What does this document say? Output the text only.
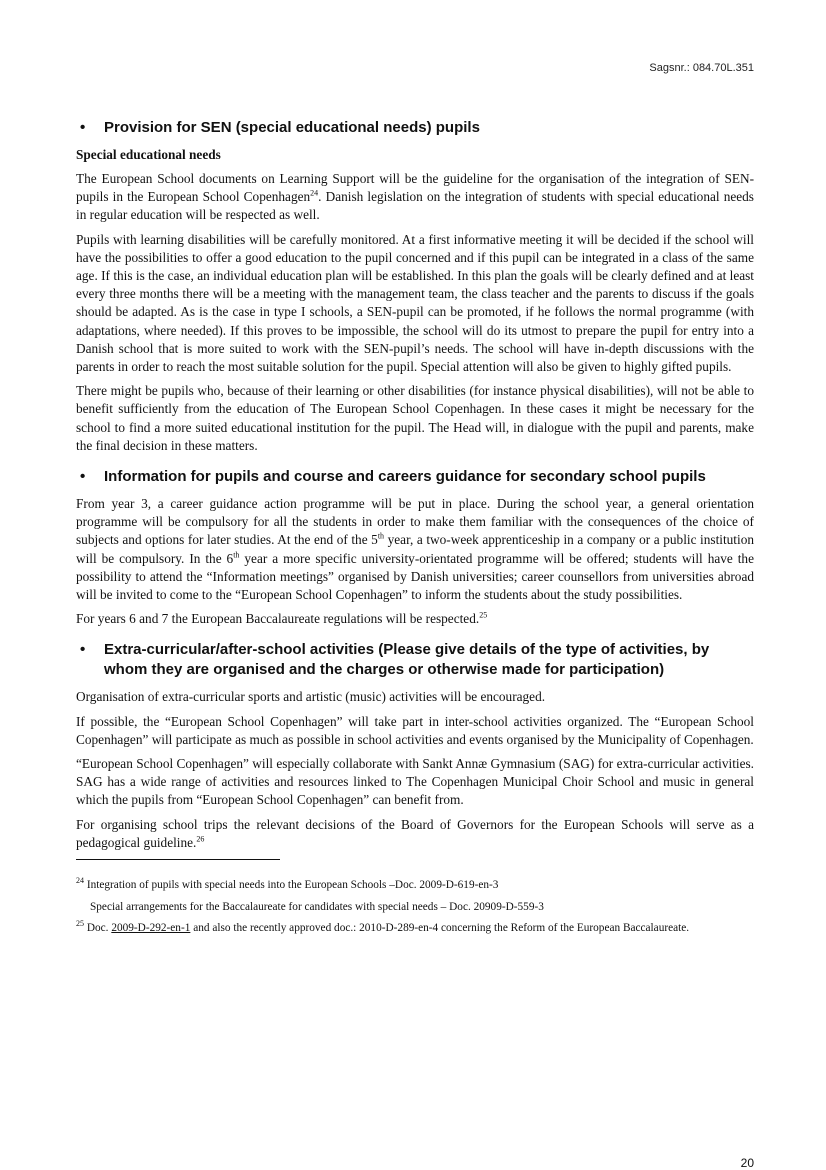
Sagsnr.: 084.70L.351
• Provision for SEN (special educational needs) pupils
Special educational needs

The European School documents on Learning Support will be the guideline for the organisation of the integration of SEN-pupils in the European School Copenhagen$^{24}$. Danish legislation on the integration of students with special educational needs in regular education will be respected as well.

Pupils with learning disabilities will be carefully monitored. At a first informative meeting it will be decided if the school will have the possibilities to offer a good education to the pupil concerned and if this pupil can be integrated in a class of the same age. If this is the case, an individual education plan will be established. In this plan the goals will be clearly defined and at least every three months there will be a meeting with the management team, the class teacher and the parents to discuss if the goals should be adapted. As is the case in type I schools, a SEN-pupil can be promoted, if he follows the normal programme (with adaptations, where needed). If this proves to be impossible, the school will do its utmost to prepare the pupil for entry into a Danish school that is more suited to work with the SEN-pupil’s needs. The school will have in-depth discussions with the parents in order to reach the most suitable solution for the pupil. Special attention will also be given to highly gifted pupils.

There might be pupils who, because of their learning or other disabilities (for instance physical disabilities), will not be able to benefit sufficiently from the education of The European School Copenhagen. In these cases it might be necessary for the school to find a more suited educational institution for the pupil. The Head will, in dialogue with the pupil and parents, make the final decision in these matters.

• Information for pupils and course and careers guidance for secondary school pupils

From year 3, a career guidance action programme will be put in place. During the school year, a general orientation programme will be compulsory for all the students in order to make them familiar with the consequences of the choice of subjects and options for later studies. At the end of the 5th year, a two-week apprenticeship in a company or a public institution will be compulsory. In the 6th year a more specific university-orientated programme will be offered; students will have the possibility to attend the “Information meetings” organised by Danish universities; career counsellors from universities abroad will be invited to come to the “European School Copenhagen” to inform the students about the study possibilities.

For years 6 and 7 the European Baccalaureate regulations will be respected.$^{25}$

• Extra-curricular/after-school activities (Please give details of the type of activities, by whom they are organised and the charges or otherwise made for participation)

Organisation of extra-curricular sports and artistic (music) activities will be encouraged.

If possible, the “European School Copenhagen” will take part in inter-school activities organized. The “European School Copenhagen” will participate as much as possible in school activities and events organised by the Municipality of Copenhagen.

“European School Copenhagen” will especially collaborate with Sankt Annæ Gymnasium (SAG) for extra-curricular activities. SAG has a wide range of activities and resources linked to The Copenhagen Municipal Choir School and music in general which the pupils from “European School Copenhagen” can benefit from.

For organising school trips the relevant decisions of the Board of Governors for the European Schools will serve as a pedagogical guideline.$^{26}$

$^{24}$ Integration of pupils with special needs into the European Schools –Doc. 2009-D-619-en-3

Special arrangements for the Baccalaureate for candidates with special needs – Doc. 20909-D-559-3

$^{25}$ Doc. 2009-D-292-en-1 and also the recently approved doc.: 2010-D-289-en-4 concerning the Reform of the European Baccalaureate.

20
